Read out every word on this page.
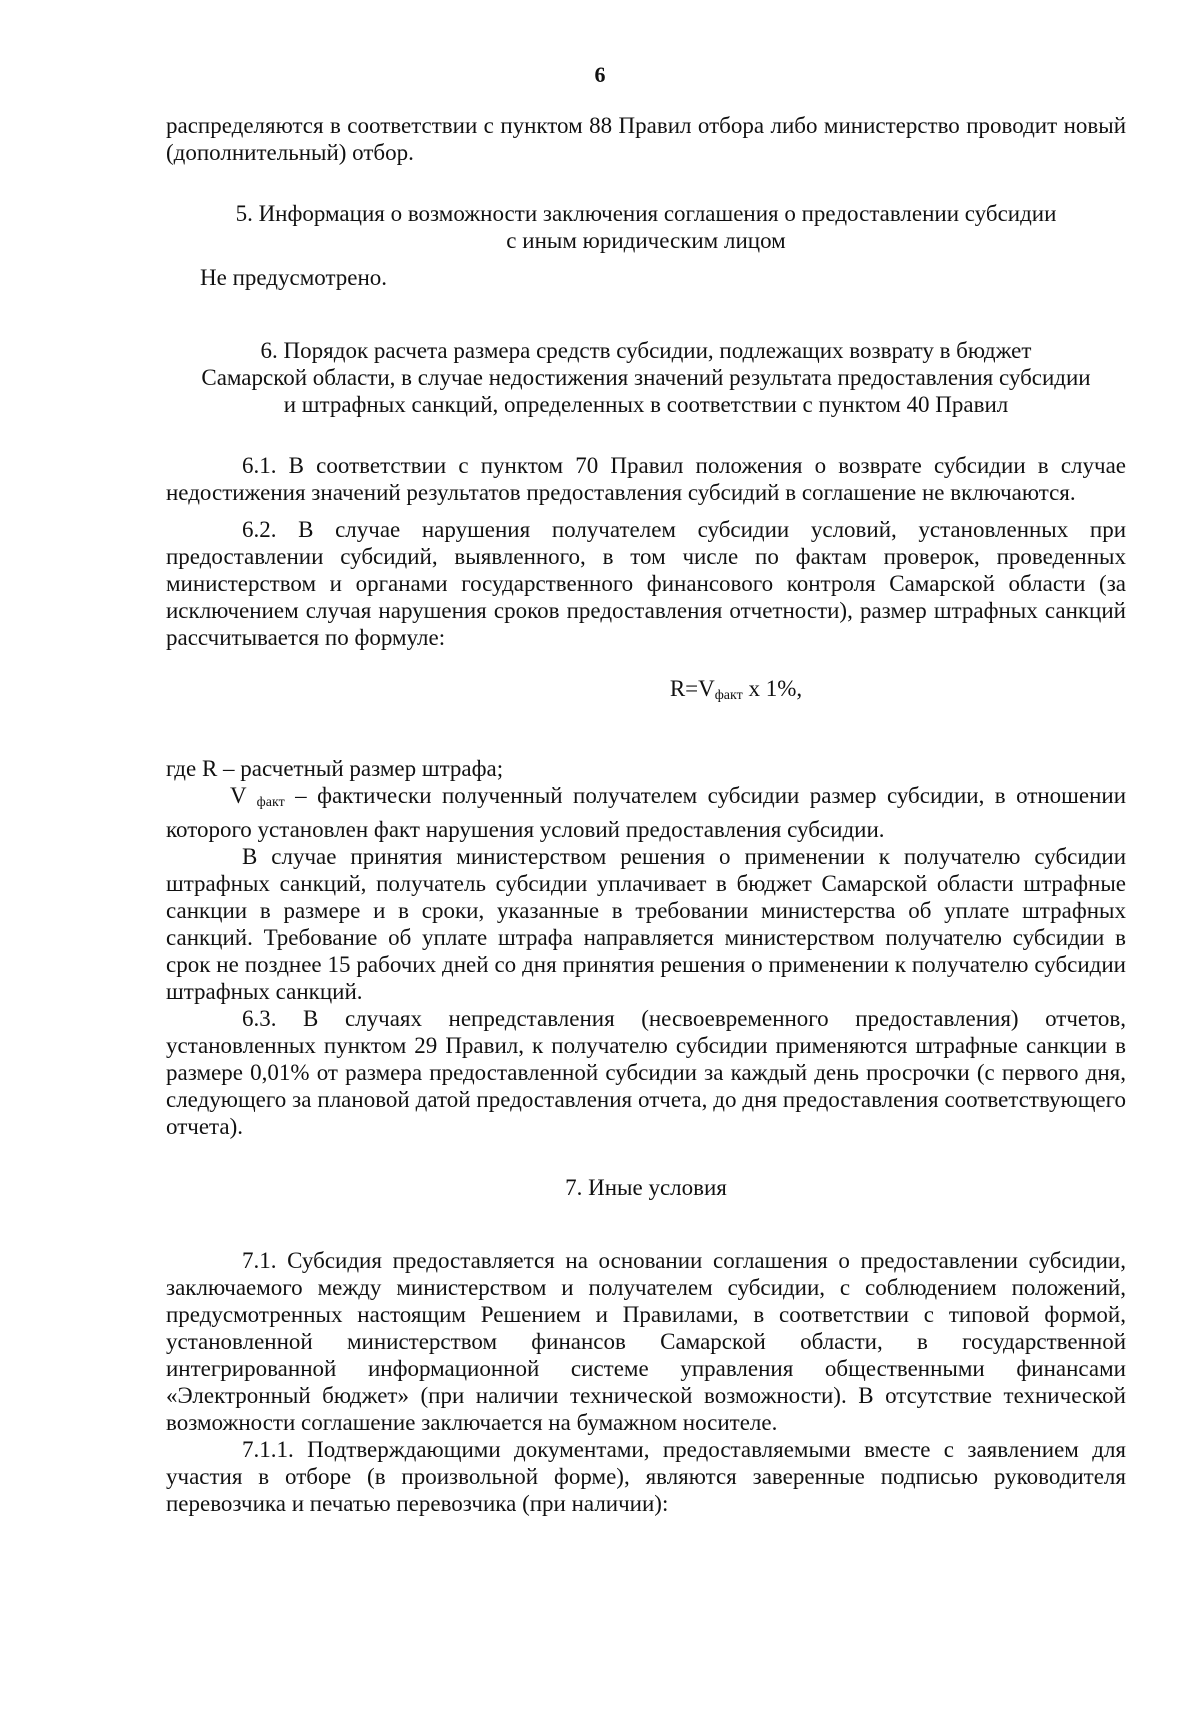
6

распределяются в соответствии с пунктом 88 Правил отбора либо министерство проводит новый (дополнительный) отбор.

5. Информация о возможности заключения соглашения о предоставлении субсидии

с иным юридическим лицом

Не предусмотрено.

6. Порядок расчета размера средств субсидии, подлежащих возврату в бюджет

Самарской области, в случае недостижения значений результата предоставления субсидии

и штрафных санкций, определенных в соответствии с пунктом 40 Правил

6.1. В соответствии с пунктом 70 Правил положения о возврате субсидии в случае недостижения значений результатов предоставления субсидий в соглашение не включаются.

6.2. В случае нарушения получателем субсидии условий, установленных при предоставлении субсидий, выявленного, в том числе по фактам проверок, проведенных министерством и органами государственного финансового контроля Самарской области (за исключением случая нарушения сроков предоставления отчетности), размер штрафных санкций рассчитывается по формуле:

$R=V_{факт}$ x 1%,

где R – расчетный размер штрафа;

V $_{факт}$ – фактически полученный получателем субсидии размер субсидии, в отношении которого установлен факт нарушения условий предоставления субсидии.

В случае принятия министерством решения о применении к получателю субсидии штрафных санкций, получатель субсидии уплачивает в бюджет Самарской области штрафные санкции в размере и в сроки, указанные в требовании министерства об уплате штрафных санкций. Требование об уплате штрафа направляется министерством получателю субсидии в срок не позднее 15 рабочих дней со дня принятия решения о применении к получателю субсидии штрафных санкций.

6.3. В случаях непредставления (несвоевременного предоставления) отчетов, установленных пунктом 29 Правил, к получателю субсидии применяются штрафные санкции в размере 0,01% от размера предоставленной субсидии за каждый день просрочки (с первого дня, следующего за плановой датой предоставления отчета, до дня предоставления соответствующего отчета).

7. Иные условия

7.1. Субсидия предоставляется на основании соглашения о предоставлении субсидии, заключаемого между министерством и получателем субсидии, с соблюдением положений, предусмотренных настоящим Решением и Правилами, в соответствии с типовой формой, установленной министерством финансов Самарской области, в государственной интегрированной информационной системе управления общественными финансами «Электронный бюджет» (при наличии технической возможности). В отсутствие технической возможности соглашение заключается на бумажном носителе.

7.1.1. Подтверждающими документами, предоставляемыми вместе с заявлением для участия в отборе (в произвольной форме), являются заверенные подписью руководителя перевозчика и печатью перевозчика (при наличии):
